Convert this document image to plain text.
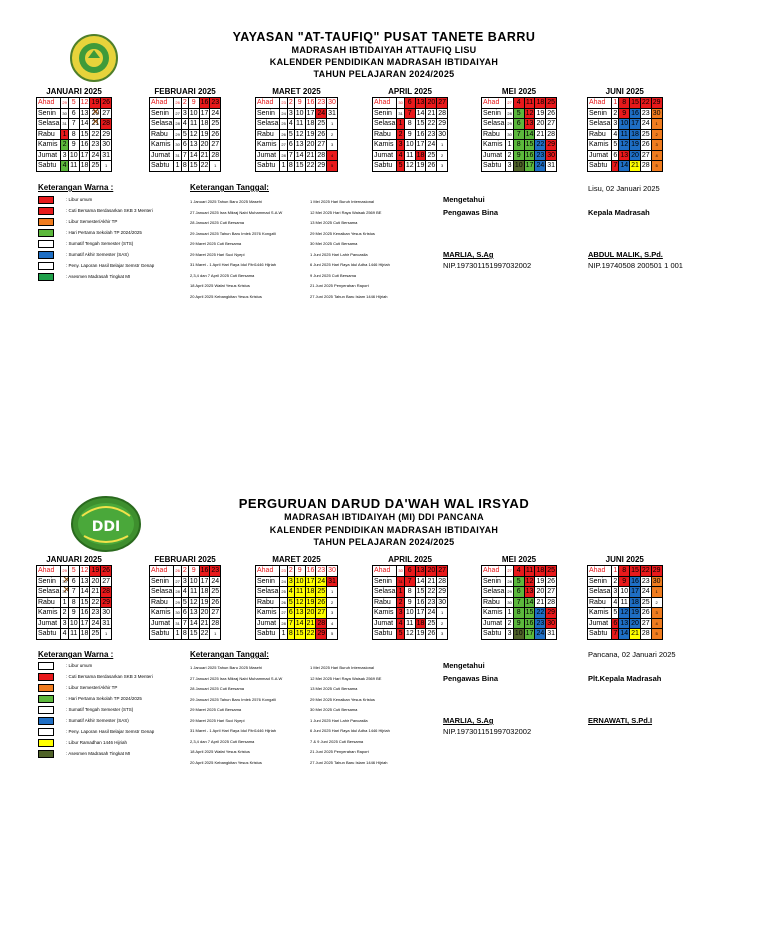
YAYASAN "AT-TAUFIQ" PUSAT TANETE BARRU
MADRASAH IBTIDAIYAH ATTAUFIQ LISU
KALENDER PENDIDIKAN MADRASAH IBTIDAIYAH
TAHUN PELAJARAN 2024/2025
JANUARI 2025
Ahad	29	5	12	19	26
Senin	30	6	13	20 ✕	27
Selasa	31	7	14	21 ✕	28
Rabu	1	8	15	22	29
Kamis	2	9	16	23	30
Jumat	3	10	17	24	31
Sabtu	4	11	18	25	1
FEBRUARI 2025
Ahad	26	2	9	16	23
Senin	27	3	10	17	24
Selasa	28	4	11	18	25
Rabu	29	5	12	19	26
Kamis	30	6	13	20	27
Jumat	31	7	14	21	28
Sabtu	1	8	15	22	1
MARET 2025
Ahad	23	2	9	16	23	30
Senin	24	3	10	17	24	31
Selasa	25	4	11	18	25	1
Rabu	26	5	12	19	26	2
Kamis	27	6	13	20	27	3
Jumat	28	7	14	21	28	4
Sabtu	1	8	15	22	29	5
APRIL 2025
Ahad	30	6	13	20	27
Senin	31	7	14	21	28
Selasa	1	8	15	22	29
Rabu	2	9	16	23	30
Kamis	3	10	17	24	1
Jumat	4	11	18	25	2
Sabtu	5	12	19	26	3
MEI 2025
Ahad	27	4	11	18	25
Senin	28	5	12	19	26
Selasa	29	6	13	20	27
Rabu	30	7	14	21	28
Kamis	1	8	15	22	29
Jumat	2	9	16	23	30
Sabtu	3	10	17	24	31
JUNI 2025
Ahad	1	8	15	22	29
Senin	2	9	16	23	30
Selasa	3	10	17	24	1
Rabu	4	11	18	25	2
Kamis	5	12	19	26	3
Jumat	6	13	20	27	4
Sabtu	7	14	21	28	5
Keterangan Warna :
: Libur umum
: Cuti Bersama Berdasarkan SKB 3 Menteri
: Libur Semester/Akhir TP
: Hari Pertama Sekolah TP 2024/2025
: Sumatif Tengah Semester (STS)
: Sumatif Akhir Semester (SAS)
: Peny. Laporan Hasil Belajar Semstr Genap
: Asesmen Madrasah Tingkat MI
Keterangan Tanggal:
1 Januari 2025 Tahun Baru 2025 Masehi
27 Januari 2025 Isra Mikraj Nabi Muhammad S.A.W
28 Januari 2025 Cuti Bersama
29 Januari 2025 Tahun Baru Imlek 2576 Kongzili
29 Maret 2025 Cuti Bersama
29 Maret 2025 Hari Suci Nyepi
31 Maret - 1 April Hari Raya Idul Fitri1446 Hijriah
2,3,4 dan 7 April 2025 Cuti Bersama
18 April 2025 Wafat Yesus Kristus
20 April 2025 Kebangkitan Yesus Kristus
1 Mei 2025 Hari Buruh Internasional
12 Mei 2025 Hari Raya Waisak 2569 BE
13 Mei 2025 Cuti Bersama
29 Mei 2025 Kenaikan Yesus Kristus
30 Mei 2025 Cuti Bersama
1 Juni 2025 Hari Lahir Pancasila
6 Juni 2025 Hari Raya Idul Adha 1446 Hijriah
9 Juni 2025 Cuti Bersama
21 Juni 2025 Penyerahan Raport
27 Juni 2025 Tahun Baru Islam 1446 Hijriah
Mengetahui
Pengawas Bina
MARLIA, S.Ag
NIP.197301151997032002
Lisu, 02 Januari 2025
Kepala Madrasah
ABDUL MALIK, S.Pd.
NIP.19740508 200501 1 001
DDI
PERGURUAN DARUD DA'WAH WAL IRSYAD
MADRASAH IBTIDAIYAH (MI) DDI PANCANA
KALENDER PENDIDIKAN MADRASAH IBTIDAIYAH
TAHUN PELAJARAN 2024/2025
JANUARI 2025
Ahad	29	5	12	19	26
Senin	30 ✕	6	13	20	27
Selasa	31 ✕	7	14	21	28
Rabu	1	8	15	22	29
Kamis	2	9	16	23	30
Jumat	3	10	17	24	31
Sabtu	4	11	18	25	1
FEBRUARI 2025
Ahad	26	2	9	16	23
Senin	27	3	10	17	24
Selasa	28	4	11	18	25
Rabu	29	5	12	19	26
Kamis	30	6	13	20	27
Jumat	31	7	14	21	28
Sabtu	1	8	15	22	1
MARET 2025
Ahad	23	2	9	16	23	30
Senin	24	3	10	17	24	31
Selasa	25	4	11	18	25	1
Rabu	26	5	12	19	26	2
Kamis	27	6	13	20	27	3
Jumat	28	7	14	21	28	4
Sabtu	1	8	15	22	29	5
APRIL 2025
Ahad	30	6	13	20	27
Senin	31	7	14	21	28
Selasa	1	8	15	22	29
Rabu	2	9	16	23	30
Kamis	3	10	17	24	1
Jumat	4	11	18	25	2
Sabtu	5	12	19	26	3
MEI 2025
Ahad	27	4	11	18	25
Senin	28	5	12	19	26
Selasa	29	6	13	20	27
Rabu	30	7	14	21	28
Kamis	1	8	15	22	29
Jumat	2	9	16	23	30
Sabtu	3	10	17	24	31
JUNI 2025
Ahad	1	8	15	22	29
Senin	2	9	16	23	30
Selasa	3	10	17	24	1
Rabu	4	11	18	25	2
Kamis	5	12	19	26	3
Jumat	6	13	20	27	4
Sabtu	7	14	21	28	5
Keterangan Warna :
: Libur umum
: Cuti Bersama Berdasarkan SKB 3 Menteri
: Libur Semester/Akhir TP
: Hari Pertama Sekolah TP 2024/2025
: Sumatif Tengah Semester (STS)
: Sumatif Akhir Semester (SAS)
: Peny. Laporan Hasil Belajar Semstr Genap
: Libur Ramadhan 1446 Hijriah
: Asesmen Madrasah Tingkat MI
Keterangan Tanggal:
1 Januari 2025 Tahun Baru 2025 Masehi
27 Januari 2025 Isra Mikraj Nabi Muhammad S.A.W
28 Januari 2025 Cuti Bersama
29 Januari 2025 Tahun Baru Imlek 2576 Kongzili
29 Maret 2025 Cuti Bersama
29 Maret 2025 Hari Suci Nyepi
31 Maret - 1 April Hari Raya Idul Fitri1446 Hijriah
2,3,4 dan 7 April 2025 Cuti Bersama
18 April 2025 Wafat Yesus Kristus
20 April 2025 Kebangkitan Yesus Kristus
1 Mei 2025 Hari Buruh Internasional
12 Mei 2025 Hari Raya Waisak 2569 BE
13 Mei 2025 Cuti Bersama
29 Mei 2025 Kenaikan Yesus Kristus
30 Mei 2025 Cuti Bersama
1 Juni 2025 Hari Lahir Pancasila
6 Juni 2025 Hari Raya Idul Adha 1446 Hijriah
7 & 9 Juni 2025 Cuti Bersama
21 Juni 2025 Penyerahan Raport
27 Juni 2025 Tahun Baru Islam 1446 Hijriah
Mengetahui
Pengawas Bina
MARLIA, S.Ag
NIP.197301151997032002
Pancana, 02 Januari 2025
Plt.Kepala Madrasah
ERNAWATI, S.Pd.I
